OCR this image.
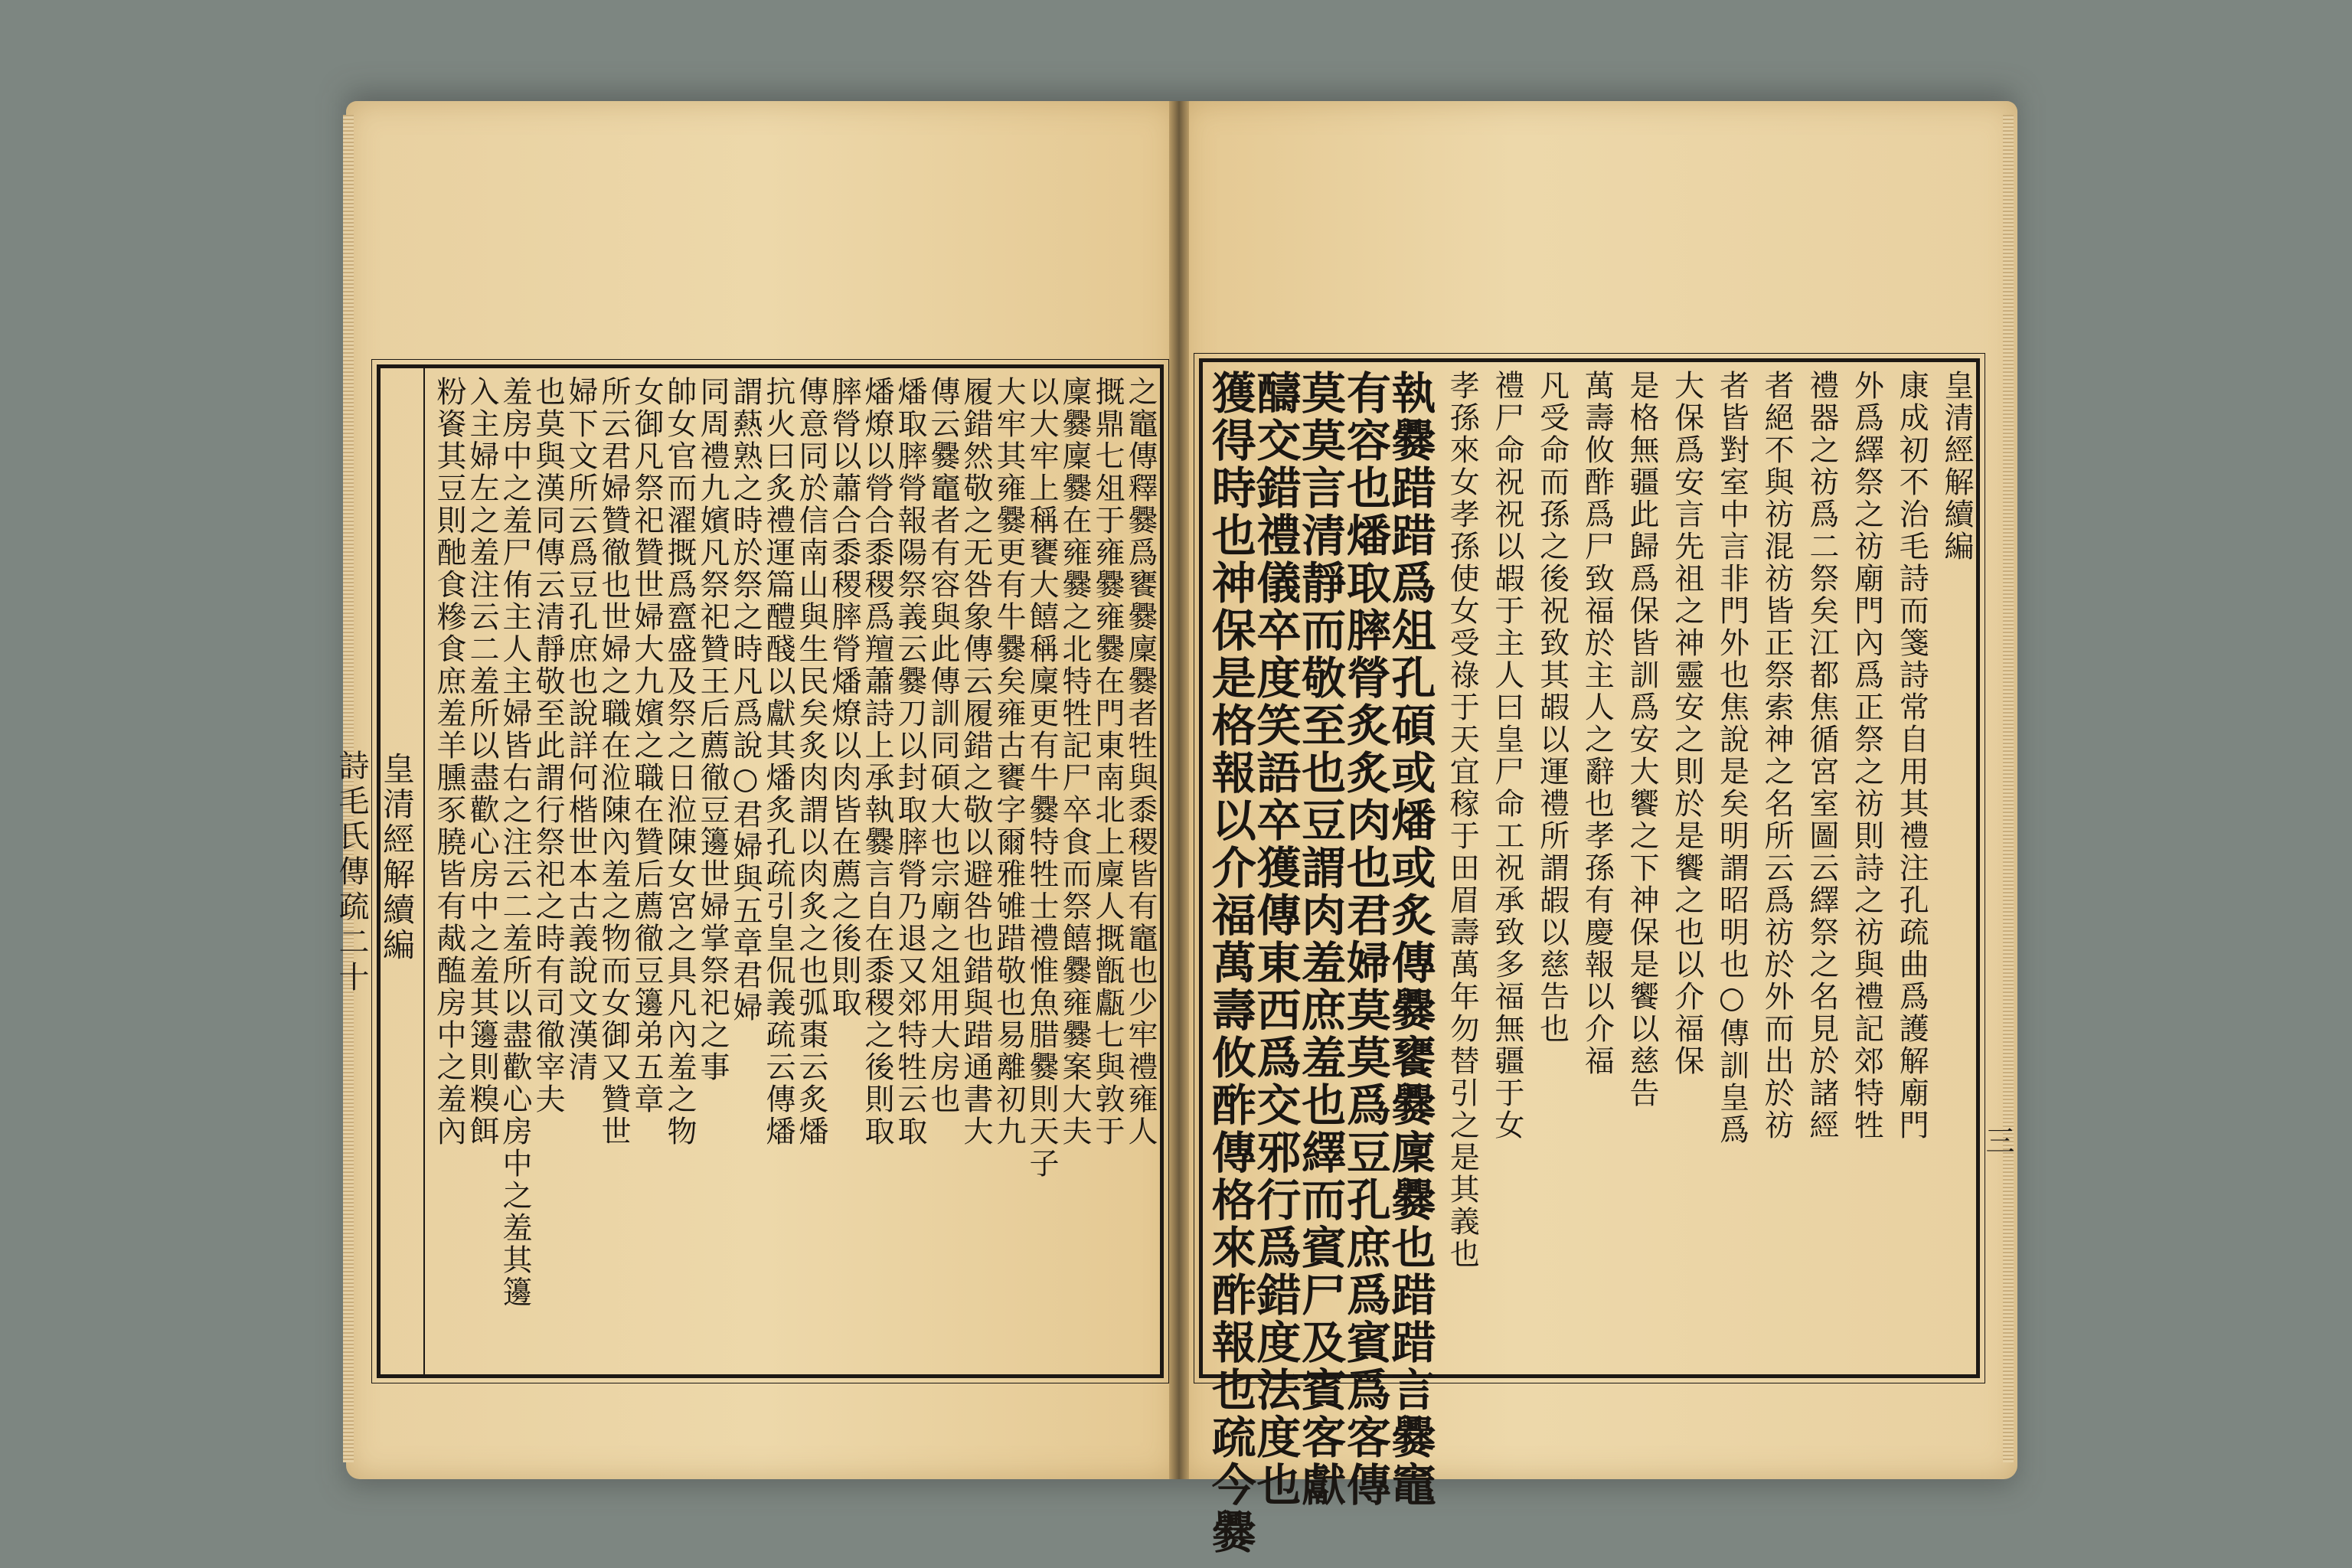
之竈傳釋爨爲饔爨廩爨者牲與黍稷皆有竈也少牢禮雍人
摡鼎七俎于雍爨雍爨在門東南北上廩人摡甑甗七與敦于
廩爨廩爨在雍爨之北特牲記尸卒食而祭饎爨雍爨案大夫
以大牢上稱饔大饎稱廩更有牛爨特牲士禮惟魚腊爨則天子
大牢其雍爨更有牛爨矣雍古饔字爾雅雊踖敬也易離初九
履錯然敬之无咎象傳云履錯之敬以避咎也錯與踖通書大
傳云爨竈者有容與此傳訓同碩大也宗廟之俎用大房也
燔取膟膋報陽祭義云爨刀以封取膟膋乃退又郊特牲云取
燔燎以膋合黍稷爲羶蕭詩上承執爨言自在黍稷之後則取
膟膋以蕭合黍稷膟膋燔燎以肉皆在薦之後則取
傳意同於信南山與生民矣炙肉謂以肉炙之也弧棗云炙燔
抗火曰炙禮運篇醴醆以獻其燔炙孔疏引皇侃義疏云傳燔
謂爇熟之時於祭之時凡爲說○君婦與五章君婦
同周禮九嬪凡祭祀贊王后薦徹豆籩世婦掌祭祀之事
帥女官而濯摡爲齍盛及祭之日涖陳女宮之具凡內羞之物
女御凡祭祀贊世婦大九嬪之職在贊后薦徹豆籩弟五章
所云君婦贊徹也世婦之職在涖陳內羞之物而女御又贊世
婦下文所云爲豆孔庶也說詳何楷世本古義說文漢清
也莫與漢同傳云清靜敬至此謂行祭祀之時有司徹宰夫
羞房中之羞尸侑主人主婦皆右之注云二羞所以盡歡心房中之羞其籩
入主婦左之羞注云二羞所以盡歡心房中之羞其籩則糗餌
粉餈其豆則酏食糝食庶羞羊臐豕膮皆有胾醢房中之羞內	皇清經解續編
康成初不治毛詩而箋詩常自用其禮注孔疏曲爲護解廟門
外爲繹祭之祊廟門內爲正祭之祊則詩之祊與禮記郊特牲
禮器之祊爲二祭矣江都焦循宮室圖云繹祭之名見於諸經
者絕不與祊混祊皆正祭索神之名所云爲祊於外而出於祊
者皆對室中言非門外也焦說是矣明謂昭明也○傳訓皇爲
大保爲安言先祖之神靈安之則於是饗之也以介福保
是格無疆此歸爲保皆訓爲安大饗之下神保是饗以慈告
萬壽攸酢爲尸致福於主人之辭也孝孫有慶報以介福
凡受命而孫之後祝致其嘏以運禮所謂嘏以慈告也
禮尸命祝祝以嘏于主人曰皇尸命工祝承致多福無疆于女
孝孫來女孝孫使女受祿于天宜稼于田眉壽萬年勿替引之是其義也
執爨踖踖爲俎孔碩或燔或炙傳爨饔爨廩爨也踖踖言爨竈
有容也燔取膟膋炙炙肉也君婦莫莫爲豆孔庶爲賓爲客傳
莫莫言清靜而敬至也豆謂肉羞庶羞也繹而賓尸及賓客獻
醻交錯禮儀卒度笑語卒獲傳東西爲交邪行爲錯度法度也
獲得時也神保是格報以介福萬壽攸酢傳格來酢報也疏今爨
皇清經解續編
詩毛氏傳疏二十
三
